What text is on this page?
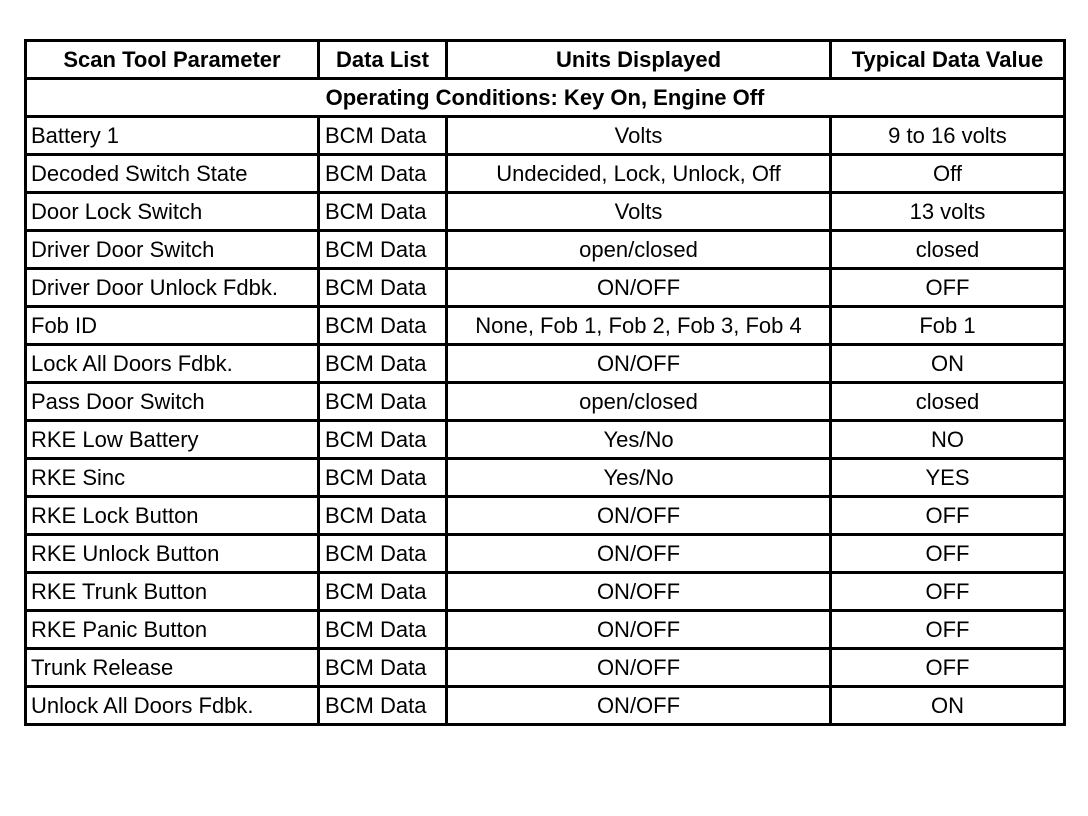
Scan Tool Parameter	Data List	Units Displayed	Typical Data Value
Operating Conditions: Key On, Engine Off			
Battery 1	BCM Data	Volts	9 to 16 volts
Decoded Switch State	BCM Data	Undecided, Lock, Unlock, Off	Off
Door Lock Switch	BCM Data	Volts	13 volts
Driver Door Switch	BCM Data	open/closed	closed
Driver Door Unlock Fdbk.	BCM Data	ON/OFF	OFF
Fob ID	BCM Data	None, Fob 1, Fob 2, Fob 3, Fob 4	Fob 1
Lock All Doors Fdbk.	BCM Data	ON/OFF	ON
Pass Door Switch	BCM Data	open/closed	closed
RKE Low Battery	BCM Data	Yes/No	NO
RKE Sinc	BCM Data	Yes/No	YES
RKE Lock Button	BCM Data	ON/OFF	OFF
RKE Unlock Button	BCM Data	ON/OFF	OFF
RKE Trunk Button	BCM Data	ON/OFF	OFF
RKE Panic Button	BCM Data	ON/OFF	OFF
Trunk Release	BCM Data	ON/OFF	OFF
Unlock All Doors Fdbk.	BCM Data	ON/OFF	ON
